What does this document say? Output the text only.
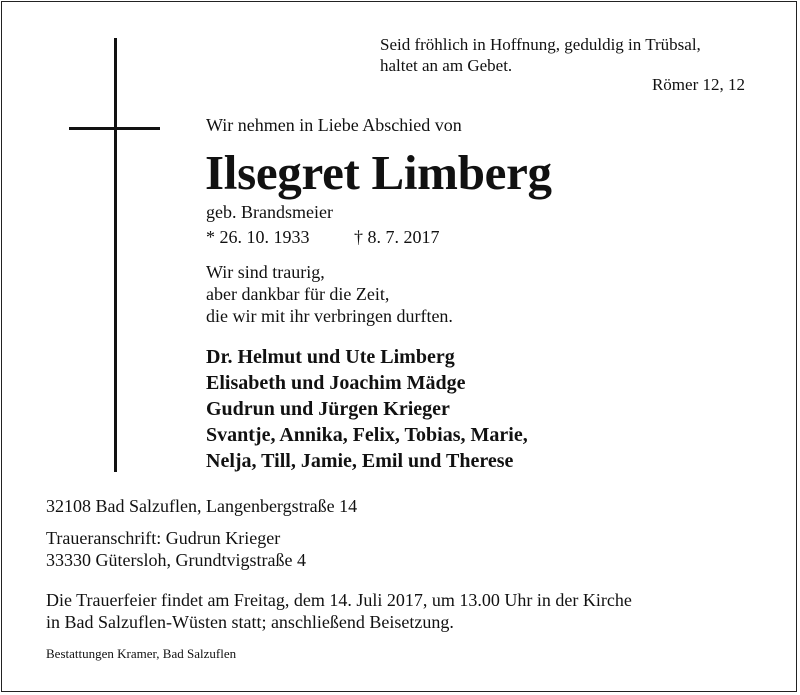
Seid fröhlich in Hoffnung, geduldig in Trübsal,
haltet an am Gebet.
Römer 12, 12
Wir nehmen in Liebe Abschied von
Ilsegret Limberg
geb. Brandsmeier
* 26. 10. 1933 † 8. 7. 2017
Wir sind traurig,
aber dankbar für die Zeit,
die wir mit ihr verbringen durften.
Dr. Helmut und Ute Limberg
Elisabeth und Joachim Mädge
Gudrun und Jürgen Krieger
Svantje, Annika, Felix, Tobias, Marie,
Nelja, Till, Jamie, Emil und Therese
32108 Bad Salzuflen, Langenbergstraße 14
Traueranschrift: Gudrun Krieger
33330 Gütersloh, Grundtvigstraße 4
Die Trauerfeier findet am Freitag, dem 14. Juli 2017, um 13.00 Uhr in der Kirche
in Bad Salzuflen-Wüsten statt; anschließend Beisetzung.
Bestattungen Kramer, Bad Salzuflen
